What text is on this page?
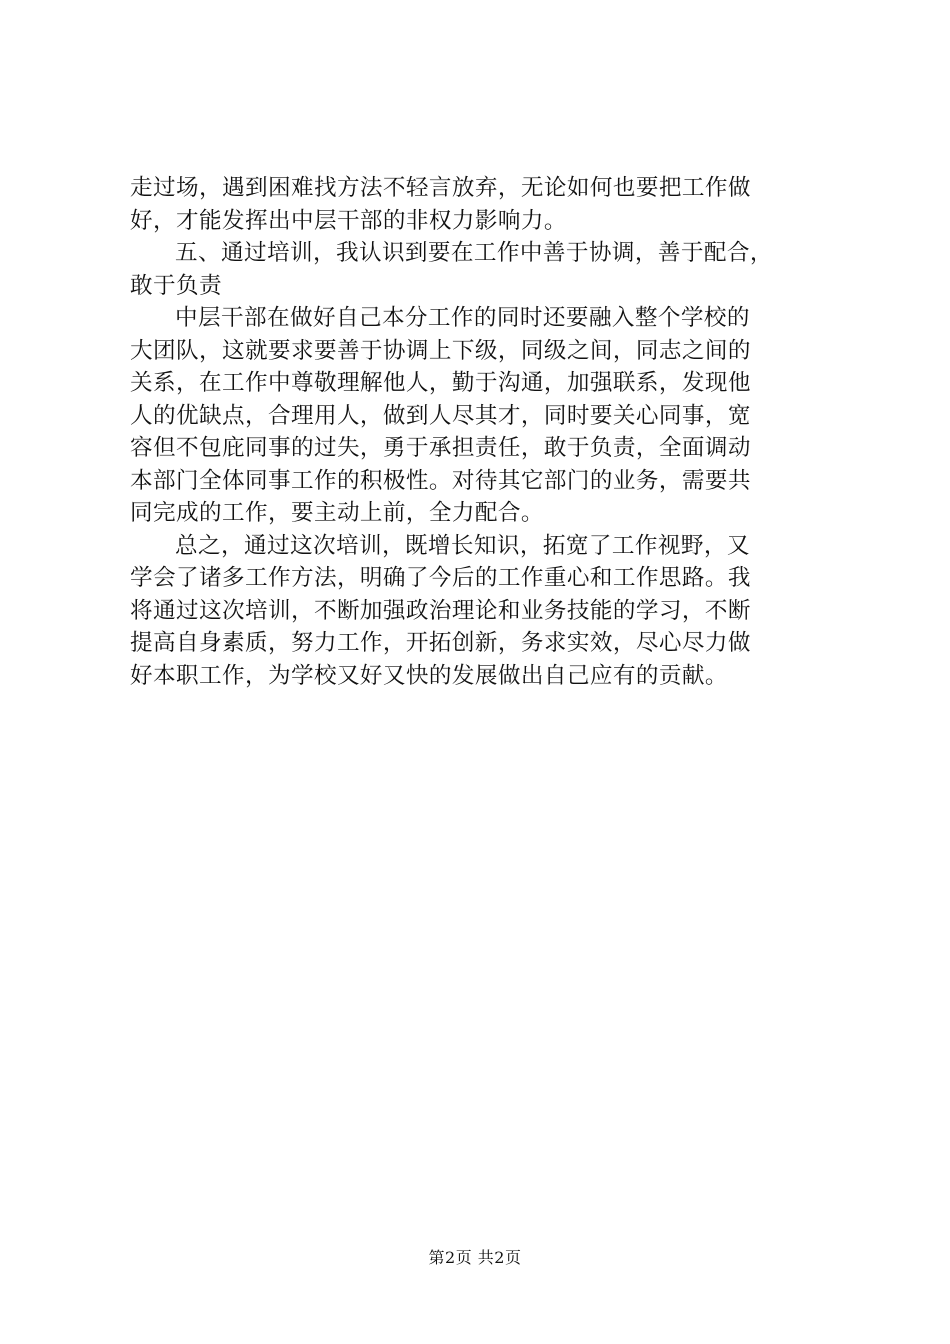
走过场，遇到困难找方法不轻言放弃，无论如何也要把工作做
好，才能发挥出中层干部的非权力影响力。
五、通过培训，我认识到要在工作中善于协调，善于配合，
敢于负责
中层干部在做好自己本分工作的同时还要融入整个学校的
大团队，这就要求要善于协调上下级，同级之间，同志之间的
关系，在工作中尊敬理解他人，勤于沟通，加强联系，发现他
人的优缺点，合理用人，做到人尽其才，同时要关心同事，宽
容但不包庇同事的过失，勇于承担责任，敢于负责，全面调动
本部门全体同事工作的积极性。对待其它部门的业务，需要共
同完成的工作，要主动上前，全力配合。
总之，通过这次培训，既增长知识，拓宽了工作视野，又
学会了诸多工作方法，明确了今后的工作重心和工作思路。我
将通过这次培训，不断加强政治理论和业务技能的学习，不断
提高自身素质，努力工作，开拓创新，务求实效，尽心尽力做
好本职工作，为学校又好又快的发展做出自己应有的贡献。
第2页 共2页
